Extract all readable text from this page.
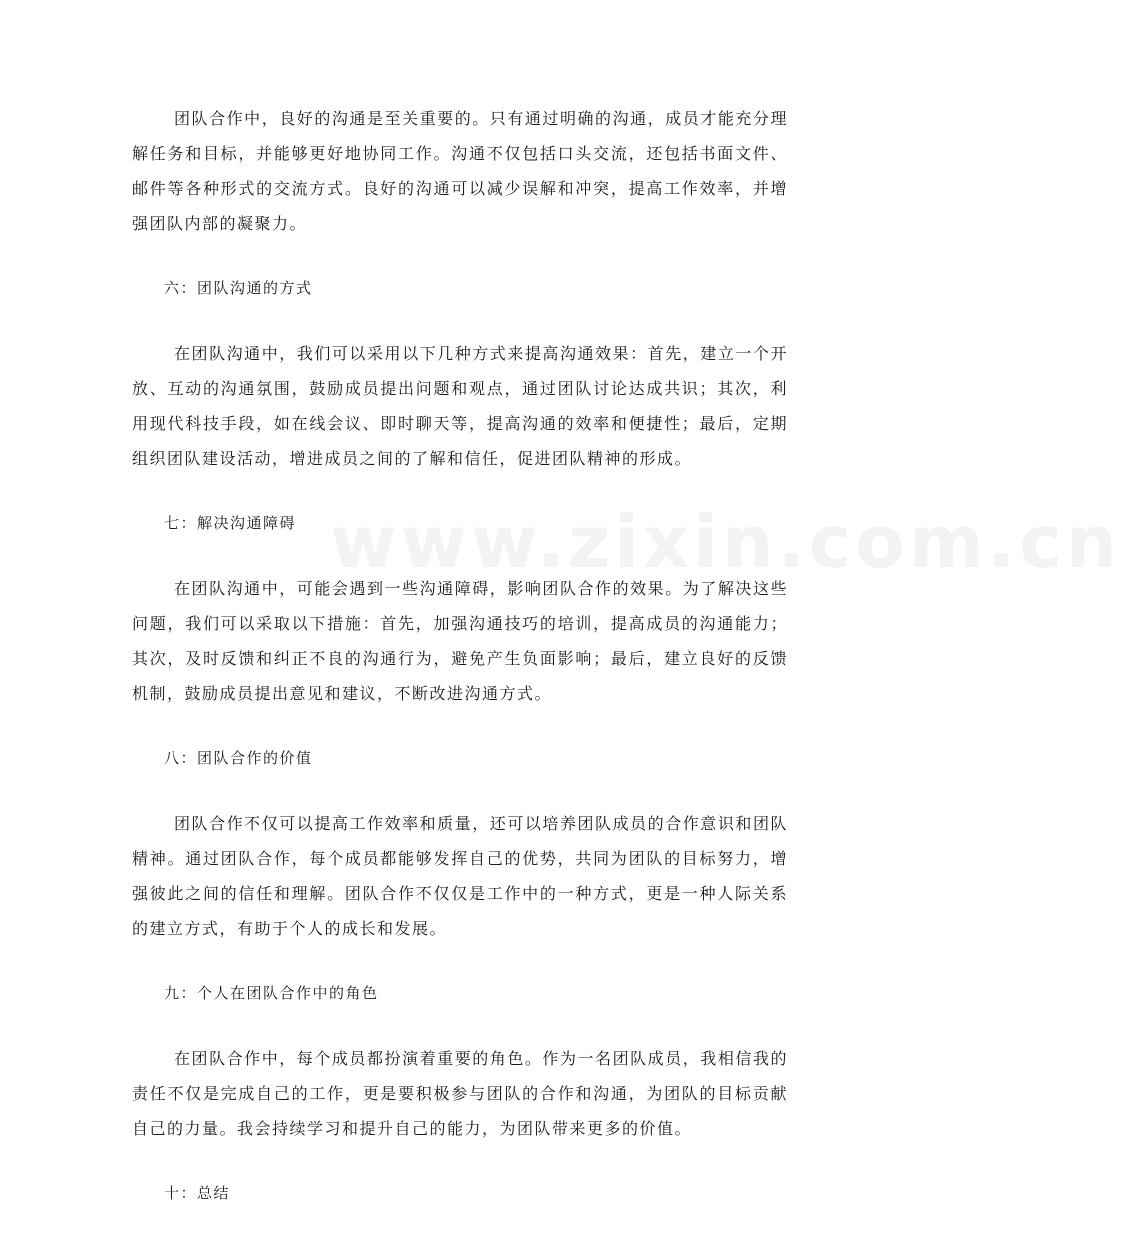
www.zixin.com.cn

团队合作中，良好的沟通是至关重要的。只有通过明确的沟通，成员才能充分理解任务和目标，并能够更好地协同工作。沟通不仅包括口头交流，还包括书面文件、邮件等各种形式的交流方式。良好的沟通可以减少误解和冲突，提高工作效率，并增强团队内部的凝聚力。

六：团队沟通的方式

在团队沟通中，我们可以采用以下几种方式来提高沟通效果：首先，建立一个开放、互动的沟通氛围，鼓励成员提出问题和观点，通过团队讨论达成共识；其次，利用现代科技手段，如在线会议、即时聊天等，提高沟通的效率和便捷性；最后，定期组织团队建设活动，增进成员之间的了解和信任，促进团队精神的形成。

七：解决沟通障碍

在团队沟通中，可能会遇到一些沟通障碍，影响团队合作的效果。为了解决这些问题，我们可以采取以下措施：首先，加强沟通技巧的培训，提高成员的沟通能力；其次，及时反馈和纠正不良的沟通行为，避免产生负面影响；最后，建立良好的反馈机制，鼓励成员提出意见和建议，不断改进沟通方式。

八：团队合作的价值

团队合作不仅可以提高工作效率和质量，还可以培养团队成员的合作意识和团队精神。通过团队合作，每个成员都能够发挥自己的优势，共同为团队的目标努力，增强彼此之间的信任和理解。团队合作不仅仅是工作中的一种方式，更是一种人际关系的建立方式，有助于个人的成长和发展。

九：个人在团队合作中的角色

在团队合作中，每个成员都扮演着重要的角色。作为一名团队成员，我相信我的责任不仅是完成自己的工作，更是要积极参与团队的合作和沟通，为团队的目标贡献自己的力量。我会持续学习和提升自己的能力，为团队带来更多的价值。

十：总结
